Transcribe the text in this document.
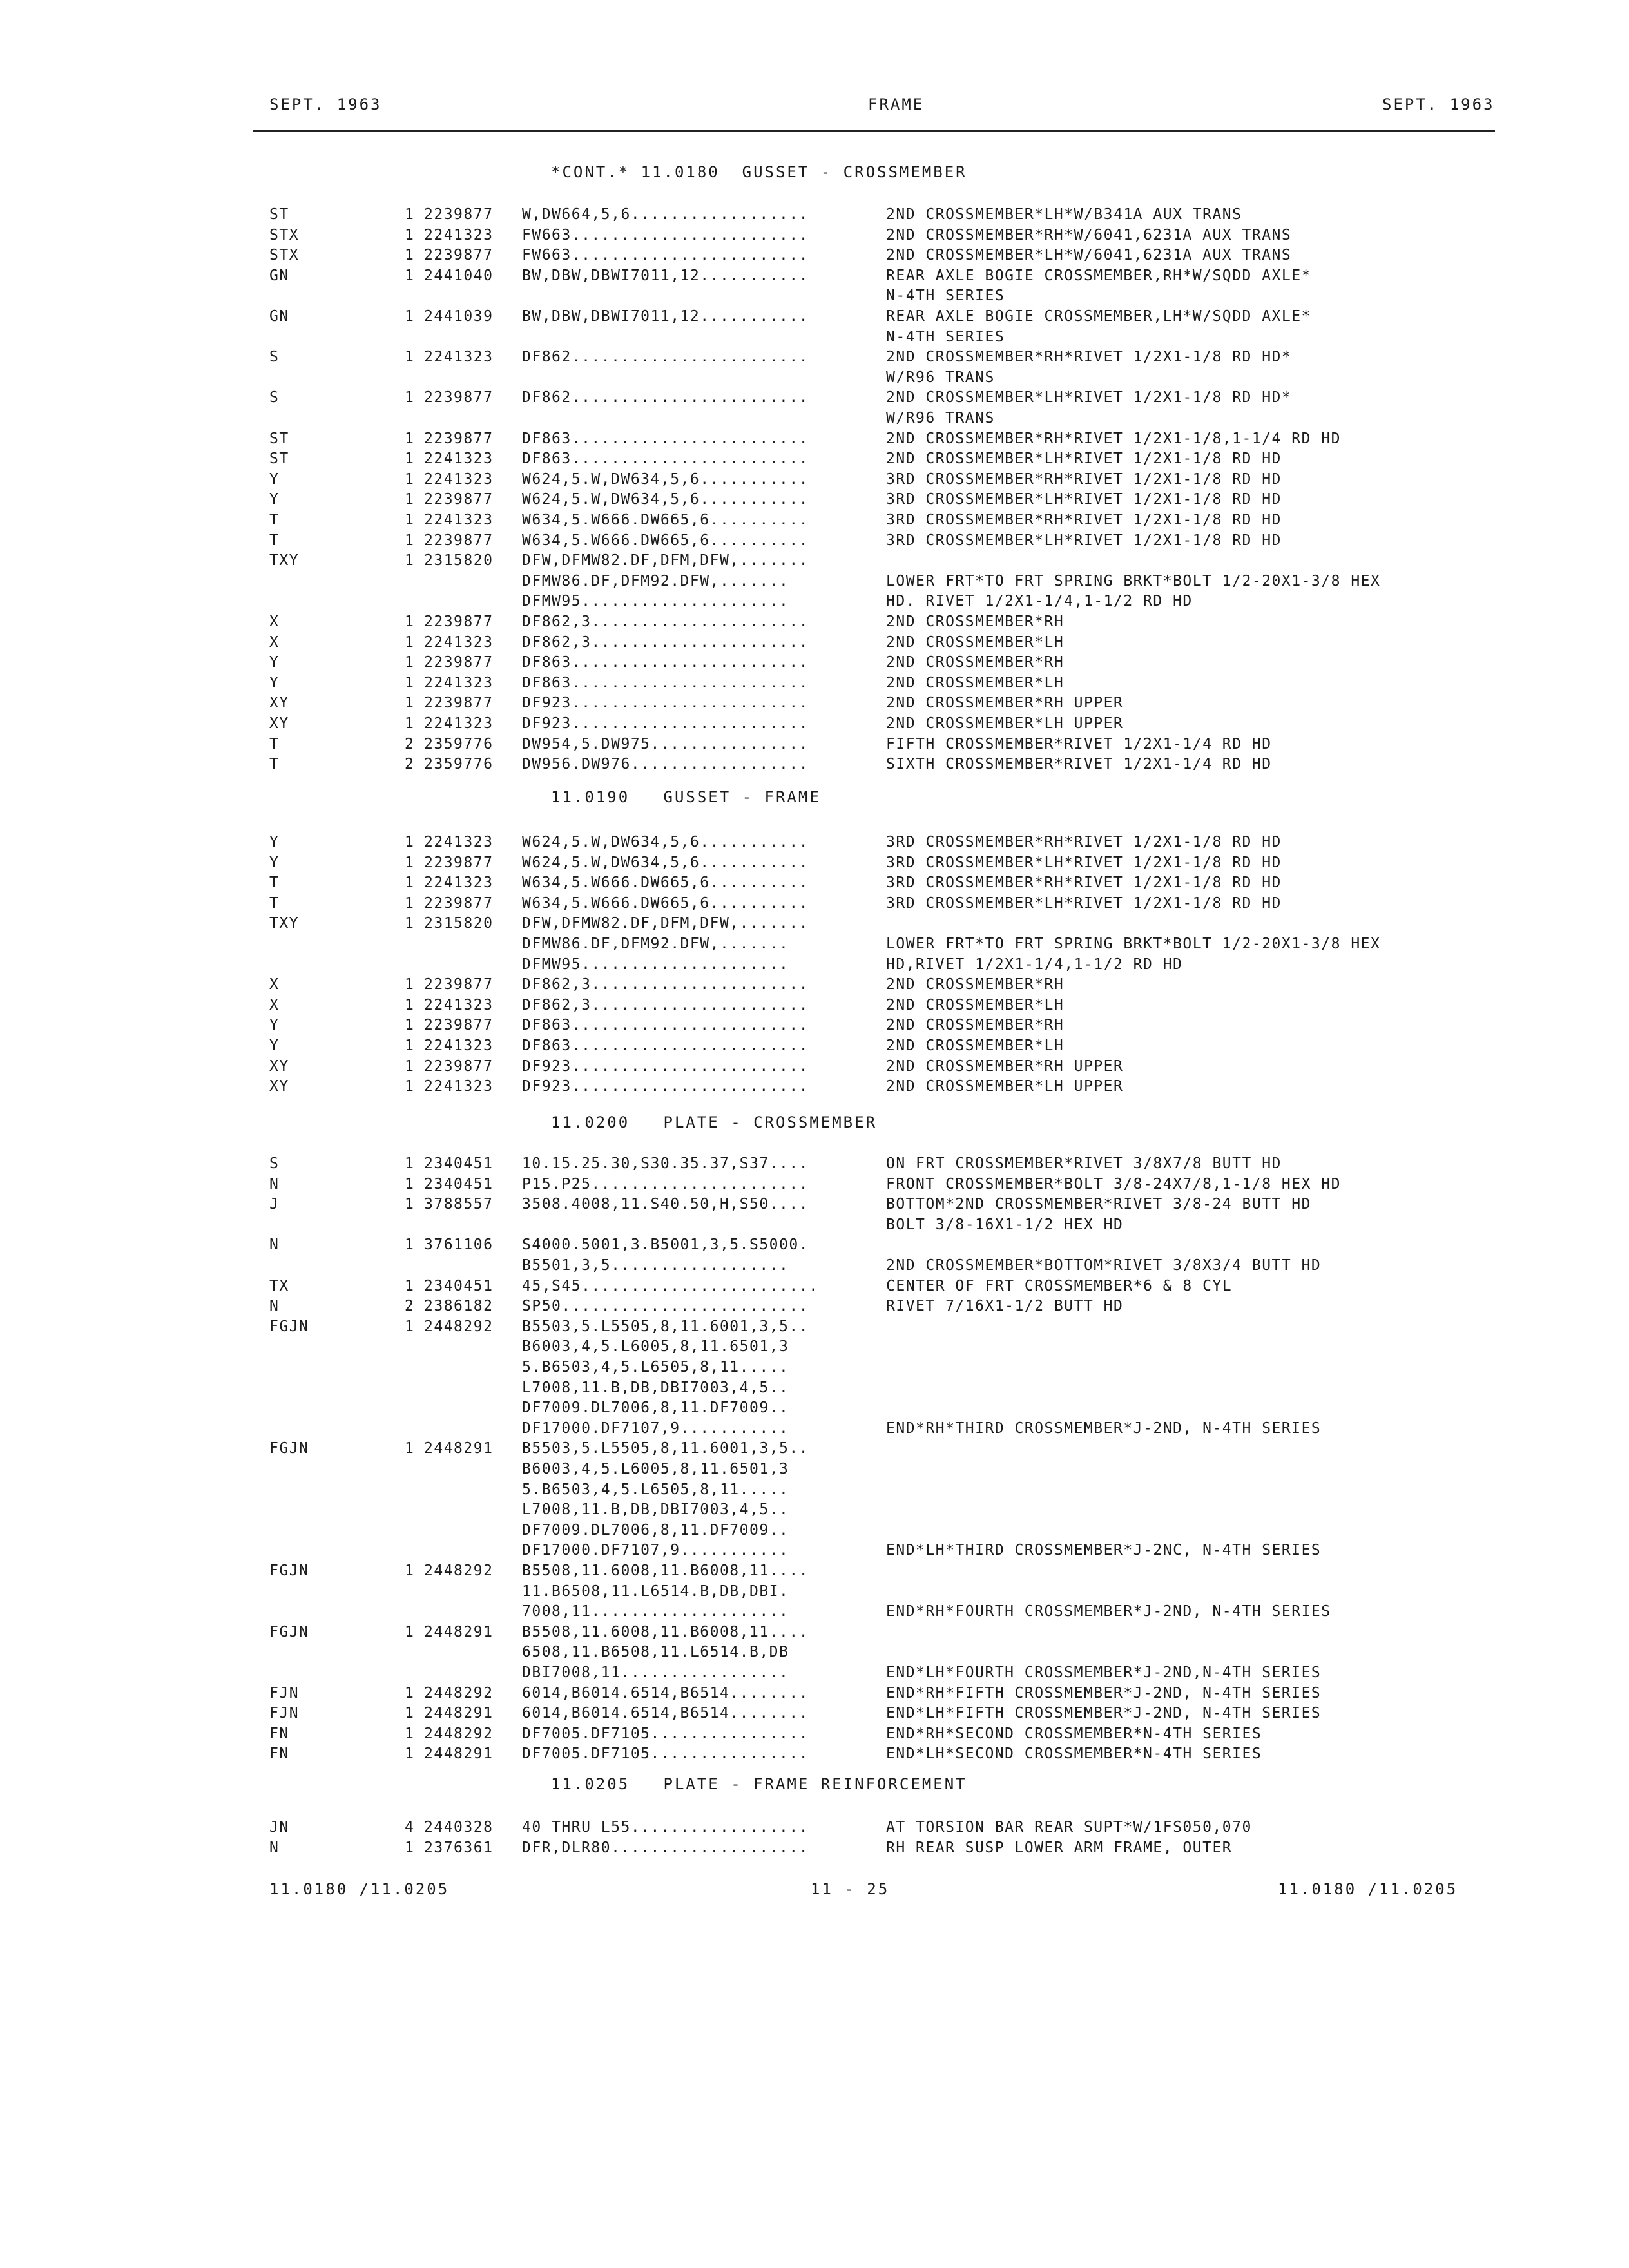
SEPT. 1963	FRAME	SEPT. 1963
*CONT.* 11.0180  GUSSET - CROSSMEMBER
ST	1 2239877 W,DW664,5,6..................	2ND CROSSMEMBER*LH*W/B341A AUX TRANS
STX	1 2241323 FW663........................	2ND CROSSMEMBER*RH*W/6041,6231A AUX TRANS
STX	1 2239877 FW663........................	2ND CROSSMEMBER*LH*W/6041,6231A AUX TRANS
GN	1 2441040 BW,DBW,DBWI7011,12...........	REAR AXLE BOGIE CROSSMEMBER,RH*W/SQDD AXLE*
N-4TH SERIES
GN	1 2441039 BW,DBW,DBWI7011,12...........	REAR AXLE BOGIE CROSSMEMBER,LH*W/SQDD AXLE*
N-4TH SERIES
S	1 2241323 DF862........................	2ND CROSSMEMBER*RH*RIVET 1/2X1-1/8 RD HD*
W/R96 TRANS
S	1 2239877 DF862........................	2ND CROSSMEMBER*LH*RIVET 1/2X1-1/8 RD HD*
W/R96 TRANS
ST	1 2239877 DF863........................	2ND CROSSMEMBER*RH*RIVET 1/2X1-1/8,1-1/4 RD HD
ST	1 2241323 DF863........................	2ND CROSSMEMBER*LH*RIVET 1/2X1-1/8 RD HD
Y	1 2241323 W624,5.W,DW634,5,6...........	3RD CROSSMEMBER*RH*RIVET 1/2X1-1/8 RD HD
Y	1 2239877 W624,5.W,DW634,5,6...........	3RD CROSSMEMBER*LH*RIVET 1/2X1-1/8 RD HD
T	1 2241323 W634,5.W666.DW665,6..........	3RD CROSSMEMBER*RH*RIVET 1/2X1-1/8 RD HD
T	1 2239877 W634,5.W666.DW665,6..........	3RD CROSSMEMBER*LH*RIVET 1/2X1-1/8 RD HD
TXY	1 2315820 DFW,DFMW82.DF,DFM,DFW,.......
DFMW86.DF,DFM92.DFW,.......	LOWER FRT*TO FRT SPRING BRKT*BOLT 1/2-20X1-3/8 HEX
DFMW95.....................	HD. RIVET 1/2X1-1/4,1-1/2 RD HD
X	1 2239877 DF862,3......................	2ND CROSSMEMBER*RH
X	1 2241323 DF862,3......................	2ND CROSSMEMBER*LH
Y	1 2239877 DF863........................	2ND CROSSMEMBER*RH
Y	1 2241323 DF863........................	2ND CROSSMEMBER*LH
XY	1 2239877 DF923........................	2ND CROSSMEMBER*RH UPPER
XY	1 2241323 DF923........................	2ND CROSSMEMBER*LH UPPER
T	2 2359776 DW954,5.DW975................	FIFTH CROSSMEMBER*RIVET 1/2X1-1/4 RD HD
T	2 2359776 DW956.DW976..................	SIXTH CROSSMEMBER*RIVET 1/2X1-1/4 RD HD
11.0190   GUSSET - FRAME
Y	1 2241323 W624,5.W,DW634,5,6...........	3RD CROSSMEMBER*RH*RIVET 1/2X1-1/8 RD HD
Y	1 2239877 W624,5.W,DW634,5,6...........	3RD CROSSMEMBER*LH*RIVET 1/2X1-1/8 RD HD
T	1 2241323 W634,5.W666.DW665,6..........	3RD CROSSMEMBER*RH*RIVET 1/2X1-1/8 RD HD
T	1 2239877 W634,5.W666.DW665,6..........	3RD CROSSMEMBER*LH*RIVET 1/2X1-1/8 RD HD
TXY	1 2315820 DFW,DFMW82.DF,DFM,DFW,.......
DFMW86.DF,DFM92.DFW,.......	LOWER FRT*TO FRT SPRING BRKT*BOLT 1/2-20X1-3/8 HEX
DFMW95.....................	HD,RIVET 1/2X1-1/4,1-1/2 RD HD
X	1 2239877 DF862,3......................	2ND CROSSMEMBER*RH
X	1 2241323 DF862,3......................	2ND CROSSMEMBER*LH
Y	1 2239877 DF863........................	2ND CROSSMEMBER*RH
Y	1 2241323 DF863........................	2ND CROSSMEMBER*LH
XY	1 2239877 DF923........................	2ND CROSSMEMBER*RH UPPER
XY	1 2241323 DF923........................	2ND CROSSMEMBER*LH UPPER
11.0200   PLATE - CROSSMEMBER
S	1 2340451 10.15.25.30,S30.35.37,S37....	ON FRT CROSSMEMBER*RIVET 3/8X7/8 BUTT HD
N	1 2340451 P15.P25......................	FRONT CROSSMEMBER*BOLT 3/8-24X7/8,1-1/8 HEX HD
J	1 3788557 3508.4008,11.S40.50,H,S50....	BOTTOM*2ND CROSSMEMBER*RIVET 3/8-24 BUTT HD
BOLT 3/8-16X1-1/2 HEX HD
N	1 3761106 S4000.5001,3.B5001,3,5.S5000.
B5501,3,5..................	2ND CROSSMEMBER*BOTTOM*RIVET 3/8X3/4 BUTT HD
TX	1 2340451 45,S45........................	CENTER OF FRT CROSSMEMBER*6 & 8 CYL
N	2 2386182 SP50.........................	RIVET 7/16X1-1/2 BUTT HD
FGJN	1 2448292 B5503,5.L5505,8,11.6001,3,5..
B6003,4,5.L6005,8,11.6501,3
5.B6503,4,5.L6505,8,11.....
L7008,11.B,DB,DBI7003,4,5..
DF7009.DL7006,8,11.DF7009..
DF17000.DF7107,9...........	END*RH*THIRD CROSSMEMBER*J-2ND, N-4TH SERIES
FGJN	1 2448291 B5503,5.L5505,8,11.6001,3,5..
B6003,4,5.L6005,8,11.6501,3
5.B6503,4,5.L6505,8,11.....
L7008,11.B,DB,DBI7003,4,5..
DF7009.DL7006,8,11.DF7009..
DF17000.DF7107,9...........	END*LH*THIRD CROSSMEMBER*J-2NC, N-4TH SERIES
FGJN	1 2448292 B5508,11.6008,11.B6008,11....
11.B6508,11.L6514.B,DB,DBI.
7008,11....................	END*RH*FOURTH CROSSMEMBER*J-2ND, N-4TH SERIES
FGJN	1 2448291 B5508,11.6008,11.B6008,11....
6508,11.B6508,11.L6514.B,DB
DBI7008,11.................	END*LH*FOURTH CROSSMEMBER*J-2ND,N-4TH SERIES
FJN	1 2448292 6014,B6014.6514,B6514........	END*RH*FIFTH CROSSMEMBER*J-2ND, N-4TH SERIES
FJN	1 2448291 6014,B6014.6514,B6514........	END*LH*FIFTH CROSSMEMBER*J-2ND, N-4TH SERIES
FN	1 2448292 DF7005.DF7105................	END*RH*SECOND CROSSMEMBER*N-4TH SERIES
FN	1 2448291 DF7005.DF7105................	END*LH*SECOND CROSSMEMBER*N-4TH SERIES
11.0205   PLATE - FRAME REINFORCEMENT
JN	4 2440328 40 THRU L55..................	AT TORSION BAR REAR SUPT*W/1FS050,070
N	1 2376361 DFR,DLR80....................	RH REAR SUSP LOWER ARM FRAME, OUTER
11.0180 /11.0205	11 - 25	11.0180 /11.0205
